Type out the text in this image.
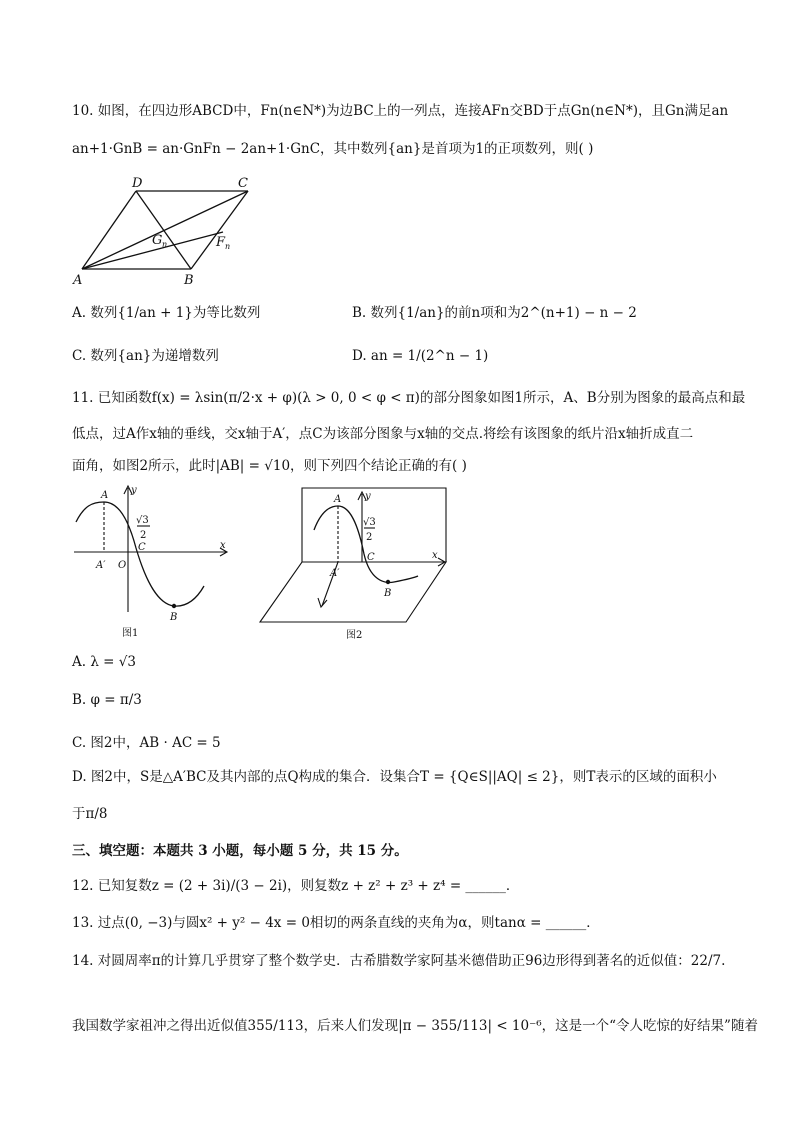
10. 如图，在四边形ABCD中，Fn(n∈N*)为边BC上的一列点，连接AFn交BD于点Gn(n∈N*)，且Gn满足an
an+1·GnB = an·GnFn − 2an+1·GnC，其中数列{an}是首项为1的正项数列，则( )
D	C
G n	F n
A	B
A. 数列{1/an + 1}为等比数列	B. 数列{1/an}的前n项和为2^(n+1) − n − 2
C. 数列{an}为递增数列	D. an = 1/(2^n − 1)
11. 已知函数f(x) = λsin(π/2·x + φ)(λ > 0, 0 < φ < π)的部分图象如图1所示，A、B分别为图象的最高点和最
低点，过A作x轴的垂线，交x轴于A′，点C为该部分图象与x轴的交点.将绘有该图象的纸片沿x轴折成直二
面角，如图2所示，此时|AB| = √10，则下列四个结论正确的有( )
A y
√3
2
C	x
A′ O
B
图1
A y
√3
2
C	x
A′
B
图2
A. λ = √3
B. φ = π/3
C. 图2中，AB · AC = 5
D. 图2中，S是△A′BC及其内部的点Q构成的集合．设集合T = {Q∈S||AQ| ≤ 2}，则T表示的区域的面积小
于π/8
三、填空题：本题共 3 小题，每小题 5 分，共 15 分。
12. 已知复数z = (2 + 3i)/(3 − 2i)，则复数z + z² + z³ + z⁴ = ______．
13. 过点(0, −3)与圆x² + y² − 4x = 0相切的两条直线的夹角为α，则tanα = ______．
14. 对圆周率π的计算几乎贯穿了整个数学史．古希腊数学家阿基米德借助正96边形得到著名的近似值：22/7.
我国数学家祖冲之得出近似值355/113，后来人们发现|π − 355/113| < 10⁻⁶，这是一个“令人吃惊的好结果”随着
